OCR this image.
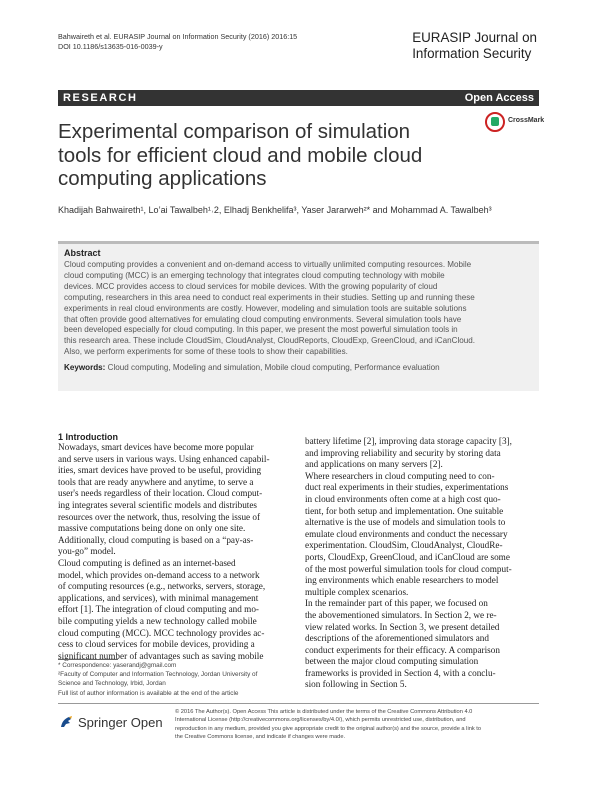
Bahwaireth et al. EURASIP Journal on Information Security (2016) 2016:15
DOI 10.1186/s13635-016-0039-y
EURASIP Journal on
Information Security
RESEARCH	Open Access
Experimental comparison of simulation
tools for efficient cloud and mobile cloud
computing applications
CrossMark
Khadijah Bahwaireth¹, Lo’ai Tawalbeh¹˒2, Elhadj Benkhelifa³, Yaser Jararweh²* and Mohammad A. Tawalbeh³
Abstract
Cloud computing provides a convenient and on-demand access to virtually unlimited computing resources. Mobile
cloud computing (MCC) is an emerging technology that integrates cloud computing technology with mobile
devices. MCC provides access to cloud services for mobile devices. With the growing popularity of cloud
computing, researchers in this area need to conduct real experiments in their studies. Setting up and running these
experiments in real cloud environments are costly. However, modeling and simulation tools are suitable solutions
that often provide good alternatives for emulating cloud computing environments. Several simulation tools have
been developed especially for cloud computing. In this paper, we present the most powerful simulation tools in
this research area. These include CloudSim, CloudAnalyst, CloudReports, CloudExp, GreenCloud, and iCanCloud.
Also, we perform experiments for some of these tools to show their capabilities.
Keywords: Cloud computing, Modeling and simulation, Mobile cloud computing, Performance evaluation
1 Introduction
Nowadays, smart devices have become more popular
and serve users in various ways. Using enhanced capabil-
ities, smart devices have proved to be useful, providing
tools that are ready anywhere and anytime, to serve a
user's needs regardless of their location. Cloud comput-
ing integrates several scientific models and distributes
resources over the network, thus, resolving the issue of
massive computations being done on only one site.
Additionally, cloud computing is based on a “pay-as-
you-go” model.
Cloud computing is defined as an internet-based
model, which provides on-demand access to a network
of computing resources (e.g., networks, servers, storage,
applications, and services), with minimal management
effort [1]. The integration of cloud computing and mo-
bile computing yields a new technology called mobile
cloud computing (MCC). MCC technology provides ac-
cess to cloud services for mobile devices, providing a
significant number of advantages such as saving mobile
battery lifetime [2], improving data storage capacity [3],
and improving reliability and security by storing data
and applications on many servers [2].
Where researchers in cloud computing need to con-
duct real experiments in their studies, experimentations
in cloud environments often come at a high cost quo-
tient, for both setup and implementation. One suitable
alternative is the use of models and simulation tools to
emulate cloud environments and conduct the necessary
experimentation. CloudSim, CloudAnalyst, CloudRe-
ports, CloudExp, GreenCloud, and iCanCloud are some
of the most powerful simulation tools for cloud comput-
ing environments which enable researchers to model
multiple complex scenarios.
In the remainder part of this paper, we focused on
the abovementioned simulators. In Section 2, we re-
view related works. In Section 3, we present detailed
descriptions of the aforementioned simulators and
conduct experiments for their efficacy. A comparison
between the major cloud computing simulation
frameworks is provided in Section 4, with a conclu-
sion following in Section 5.
* Correspondence: yaserandj@gmail.com
²Faculty of Computer and Information Technology, Jordan University of
Science and Technology, Irbid, Jordan
Full list of author information is available at the end of the article
Springer Open
© 2016 The Author(s). Open Access This article is distributed under the terms of the Creative Commons Attribution 4.0
International License (http://creativecommons.org/licenses/by/4.0/), which permits unrestricted use, distribution, and
reproduction in any medium, provided you give appropriate credit to the original author(s) and the source, provide a link to
the Creative Commons license, and indicate if changes were made.
